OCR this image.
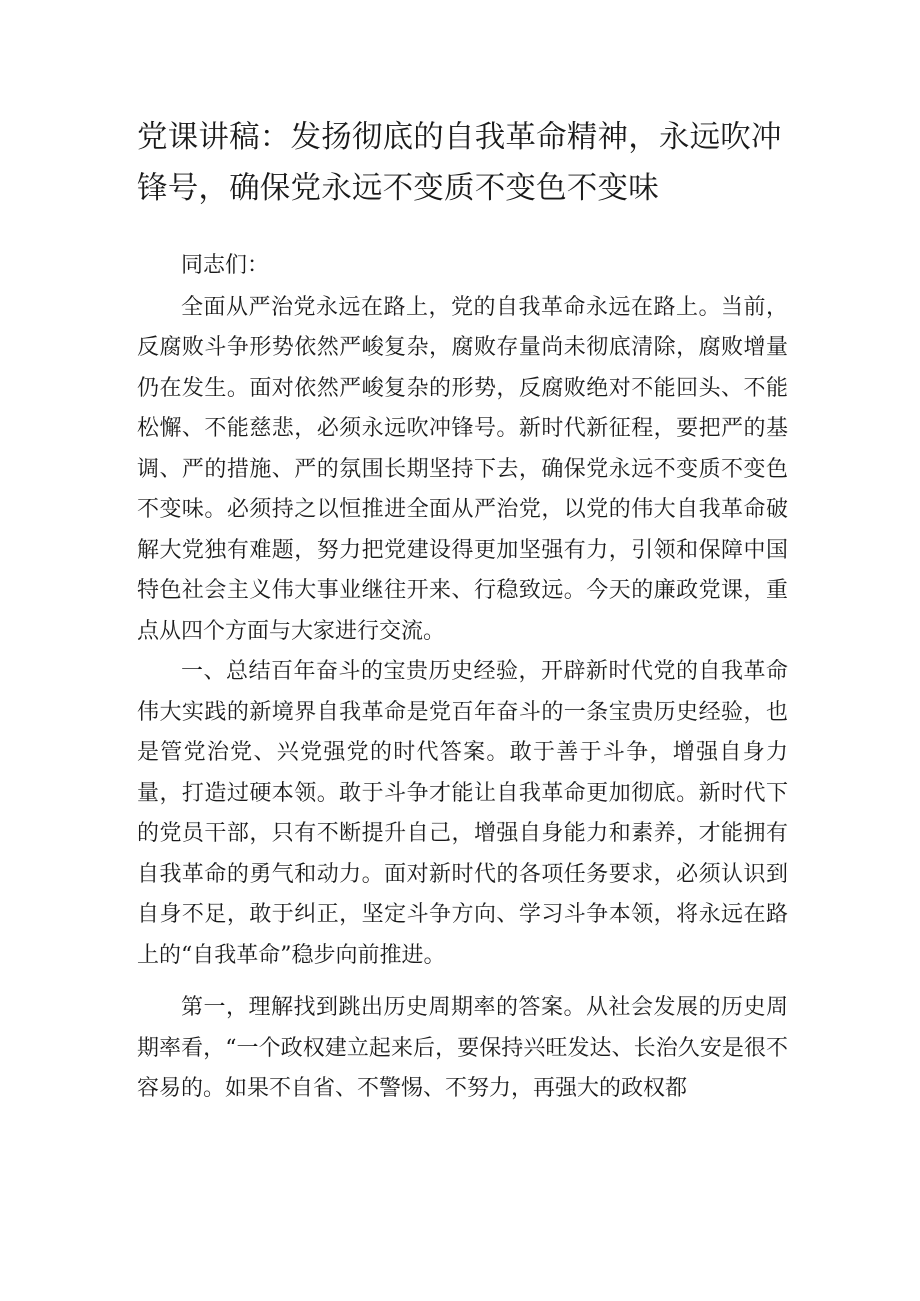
党课讲稿：发扬彻底的自我革命精神，永远吹冲锋号，确保党永远不变质不变色不变味

同志们：

全面从严治党永远在路上，党的自我革命永远在路上。当前，反腐败斗争形势依然严峻复杂，腐败存量尚未彻底清除，腐败增量仍在发生。面对依然严峻复杂的形势，反腐败绝对不能回头、不能松懈、不能慈悲，必须永远吹冲锋号。新时代新征程，要把严的基调、严的措施、严的氛围长期坚持下去，确保党永远不变质不变色不变味。必须持之以恒推进全面从严治党，以党的伟大自我革命破解大党独有难题，努力把党建设得更加坚强有力，引领和保障中国特色社会主义伟大事业继往开来、行稳致远。今天的廉政党课，重点从四个方面与大家进行交流。

一、总结百年奋斗的宝贵历史经验，开辟新时代党的自我革命伟大实践的新境界自我革命是党百年奋斗的一条宝贵历史经验，也是管党治党、兴党强党的时代答案。敢于善于斗争，增强自身力量，打造过硬本领。敢于斗争才能让自我革命更加彻底。新时代下的党员干部，只有不断提升自己，增强自身能力和素养，才能拥有自我革命的勇气和动力。面对新时代的各项任务要求，必须认识到自身不足，敢于纠正，坚定斗争方向、学习斗争本领，将永远在路上的“自我革命”稳步向前推进。

第一，理解找到跳出历史周期率的答案。从社会发展的历史周期率看，“一个政权建立起来后，要保持兴旺发达、长治久安是很不容易的。如果不自省、不警惕、不努力，再强大的政权都
